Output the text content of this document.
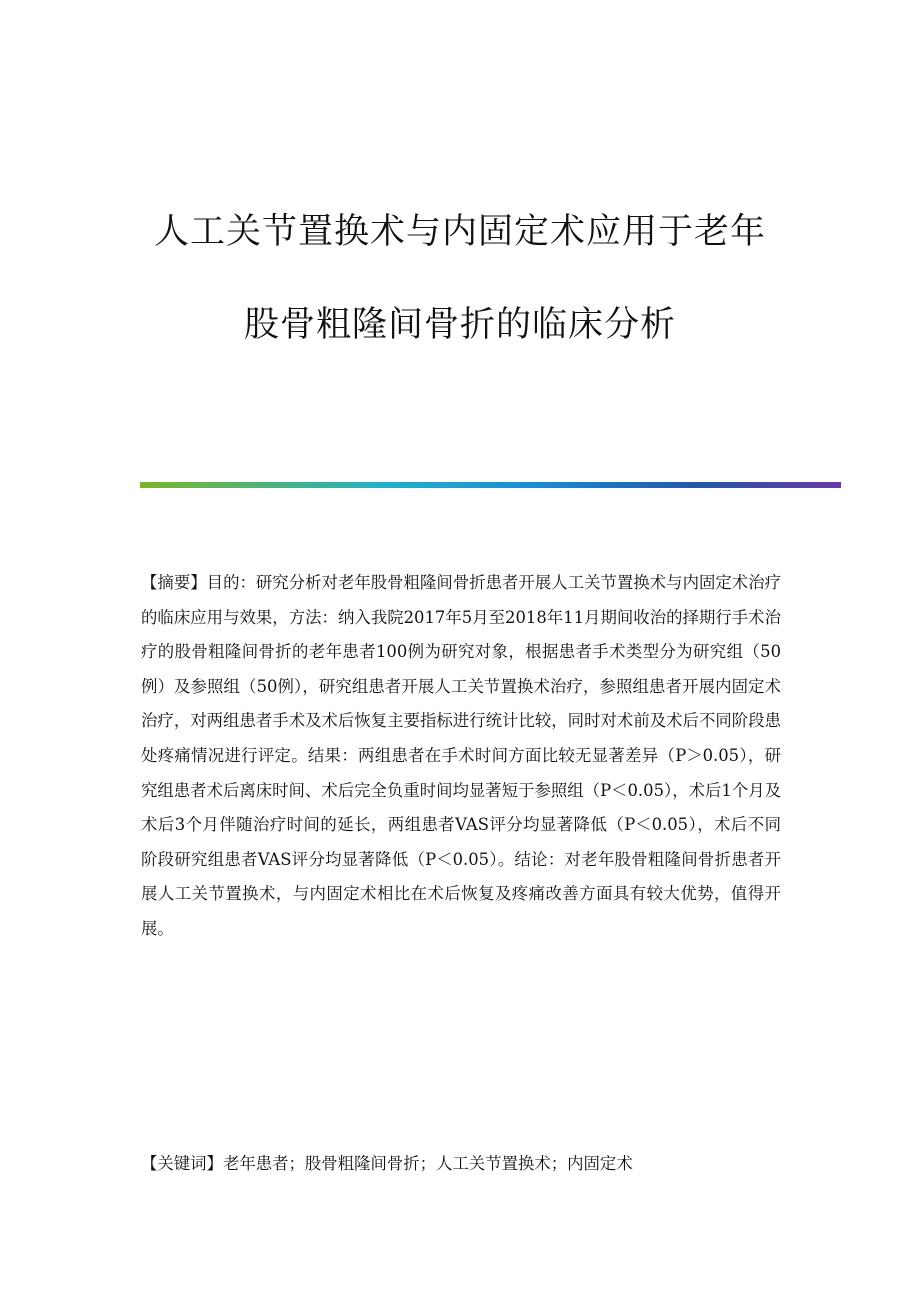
人工关节置换术与内固定术应用于老年

股骨粗隆间骨折的临床分析

【摘要】目的：研究分析对老年股骨粗隆间骨折患者开展人工关节置换术与内固定术治疗的临床应用与效果，方法：纳入我院2017年5月至2018年11月期间收治的择期行手术治疗的股骨粗隆间骨折的老年患者100例为研究对象，根据患者手术类型分为研究组（50例）及参照组（50例），研究组患者开展人工关节置换术治疗，参照组患者开展内固定术治疗，对两组患者手术及术后恢复主要指标进行统计比较，同时对术前及术后不同阶段患处疼痛情况进行评定。结果：两组患者在手术时间方面比较无显著差异（P＞0.05），研究组患者术后离床时间、术后完全负重时间均显著短于参照组（P＜0.05），术后1个月及术后3个月伴随治疗时间的延长，两组患者VAS评分均显著降低（P＜0.05），术后不同阶段研究组患者VAS评分均显著降低（P＜0.05）。结论：对老年股骨粗隆间骨折患者开展人工关节置换术，与内固定术相比在术后恢复及疼痛改善方面具有较大优势，值得开展。

【关键词】老年患者；股骨粗隆间骨折；人工关节置换术；内固定术
